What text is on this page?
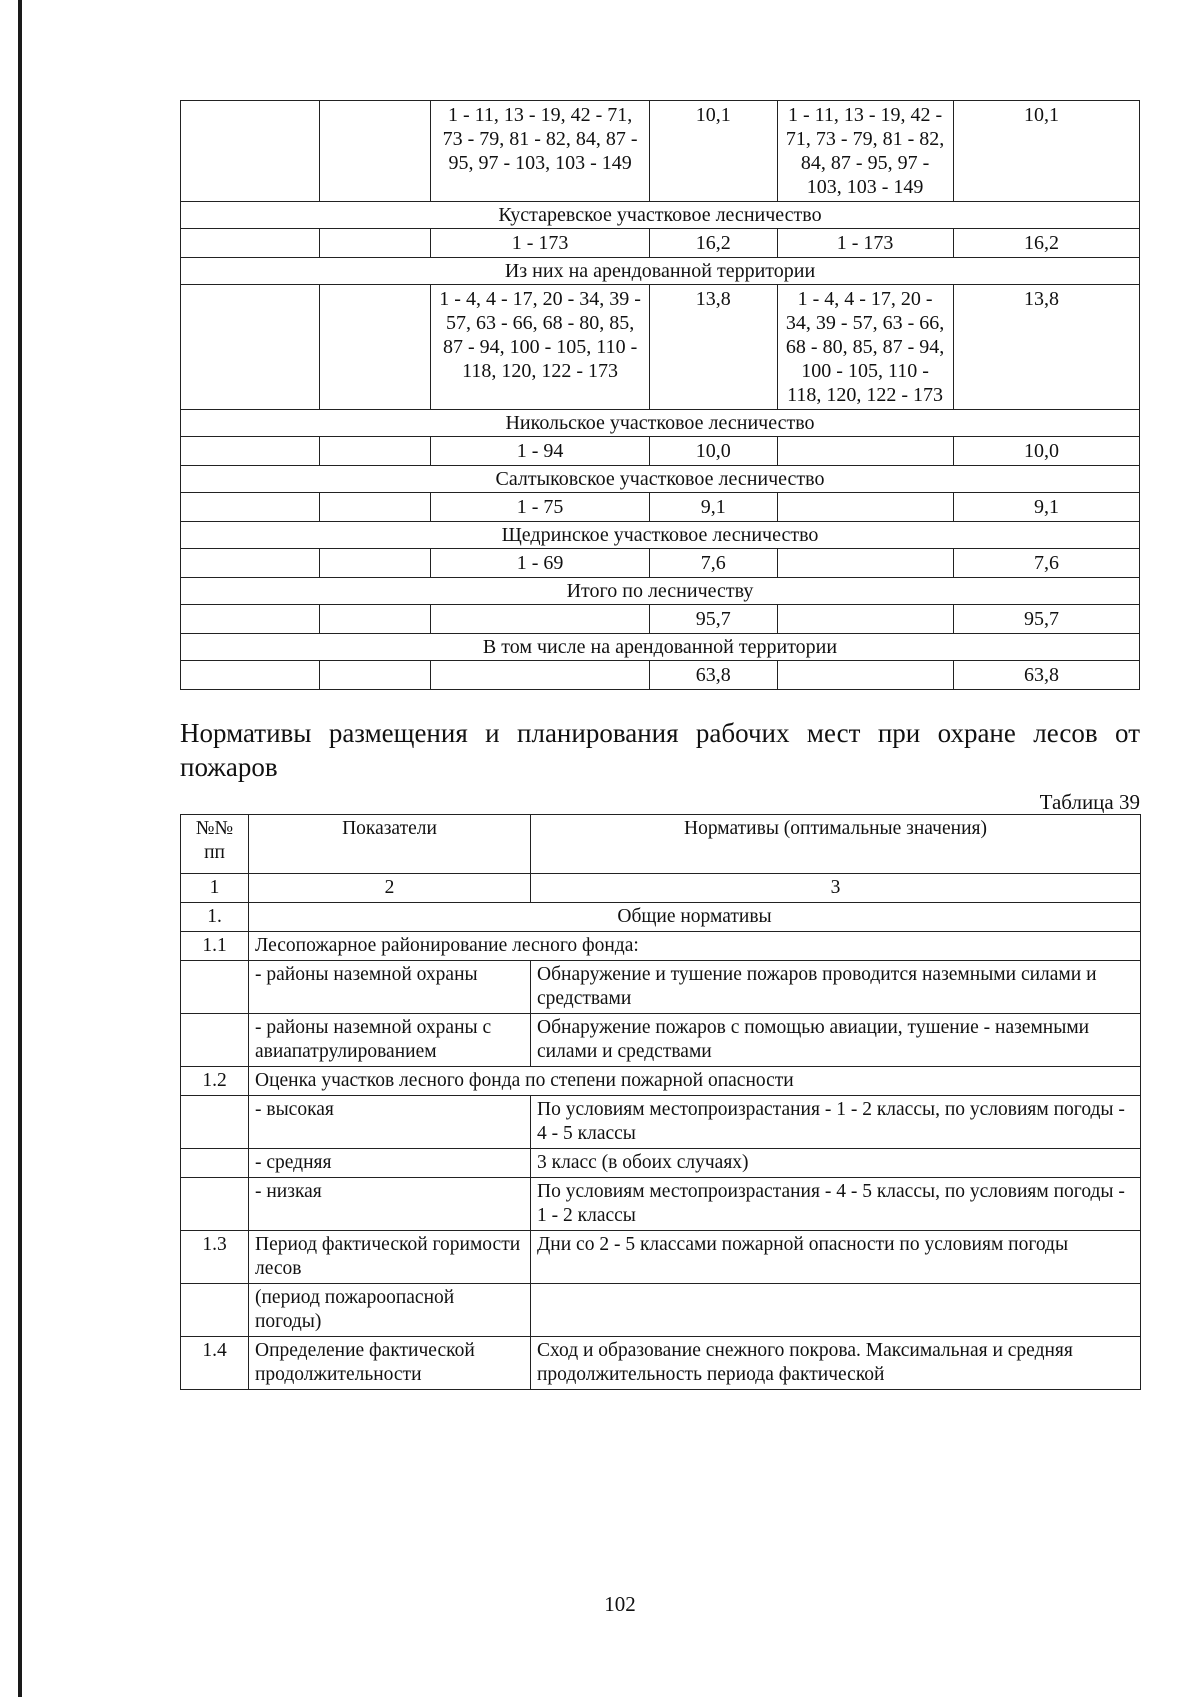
		1 - 11, 13 - 19, 42 - 71, 73 - 79, 81 - 82, 84, 87 - 95, 97 - 103, 103 - 149	10,1	1 - 11, 13 - 19, 42 - 71, 73 - 79, 81 - 82, 84, 87 - 95, 97 - 103, 103 - 149	10,1
Кустаревское участковое лесничество					
		1 - 173	16,2	1 - 173	16,2
Из них на арендованной территории					
		1 - 4, 4 - 17, 20 - 34, 39 - 57, 63 - 66, 68 - 80, 85, 87 - 94, 100 - 105, 110 - 118, 120, 122 - 173	13,8	1 - 4, 4 - 17, 20 - 34, 39 - 57, 63 - 66, 68 - 80, 85, 87 - 94, 100 - 105, 110 - 118, 120, 122 - 173	13,8
Никольское участковое лесничество					
		1 - 94	10,0		10,0
Салтыковское участковое лесничество					
		1 - 75	9,1		9,1
Щедринское участковое лесничество					
		1 - 69	7,6		7,6
Итого по лесничеству					
			95,7		95,7
В том числе на арендованной территории					
			63,8		63,8
Нормативы размещения и планирования рабочих мест при охране лесов от пожаров
Таблица 39
№№ пп	Показатели	Нормативы (оптимальные значения)
1	2	3
1.	Общие нормативы	
1.1	Лесопожарное районирование лесного фонда:	
	- районы наземной охраны	Обнаружение и тушение пожаров проводится наземными силами и средствами
	- районы наземной охраны с авиапатрулированием	Обнаружение пожаров с помощью авиации, тушение - наземными силами и средствами
1.2	Оценка участков лесного фонда по степени пожарной опасности	
	- высокая	По условиям местопроизрастания - 1 - 2 классы, по условиям погоды - 4 - 5 классы
	- средняя	3 класс (в обоих случаях)
	- низкая	По условиям местопроизрастания - 4 - 5 классы, по условиям погоды - 1 - 2 классы
1.3	Период фактической горимости лесов	Дни со 2 - 5 классами пожарной опасности по условиям погоды
	(период пожароопасной погоды)	
1.4	Определение фактической продолжительности	Сход и образование снежного покрова. Максимальная и средняя продолжительность периода фактической
102
